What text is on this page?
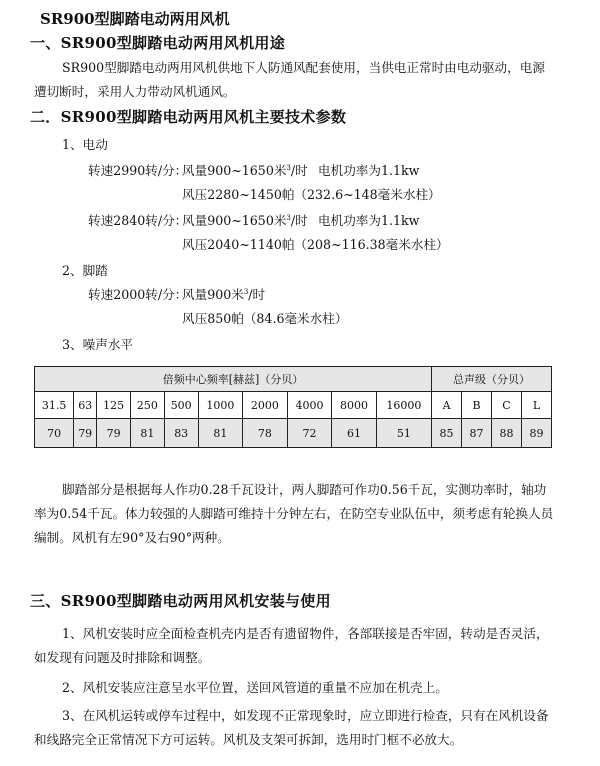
SR900型脚踏电动两用风机
一、SR900型脚踏电动两用风机用途

SR900型脚踏电动两用风机供地下人防通风配套使用，当供电正常时由电动驱动，电源遭切断时，采用人力带动风机通风。

二．SR900型脚踏电动两用风机主要技术参数
1、电动
转速2990转/分：
风量900~1650米$^3$/时 电机功率为1.1kw
风压2280~1450帕（232.6~148毫米水柱）
转速2840转/分：
风量900~1650米$^3$/时 电机功率为1.1kw
风压2040~1140帕（208~116.38毫米水柱）
2、脚踏
转速2000转/分：
风量900米$^3$/时
风压850帕（84.6毫米水柱）
3、噪声水平
倍频中心频率[赫兹]（分贝）										总声级（分贝）			
31.5	63	125	250	500	1000	2000	4000	8000	16000	A	B	C	L
70	79	79	81	83	81	78	72	61	51	85	87	88	89

脚踏部分是根据每人作功0.28千瓦设计，两人脚踏可作功0.56千瓦，实测功率时，轴功率为0.54千瓦。体力较强的人脚踏可维持十分钟左右，在防空专业队伍中，须考虑有轮换人员编制。风机有左90°及右90°两种。

三、SR900型脚踏电动两用风机安装与使用

1、风机安装时应全面检查机壳内是否有遗留物件，各部联接是否牢固，转动是否灵活，如发现有问题及时排除和调整。

2、风机安装应注意呈水平位置，送回风管道的重量不应加在机壳上。

3、在风机运转或停车过程中，如发现不正常现象时，应立即进行检查，只有在风机设备和线路完全正常情况下方可运转。风机及支架可拆卸，选用时门框不必放大。
